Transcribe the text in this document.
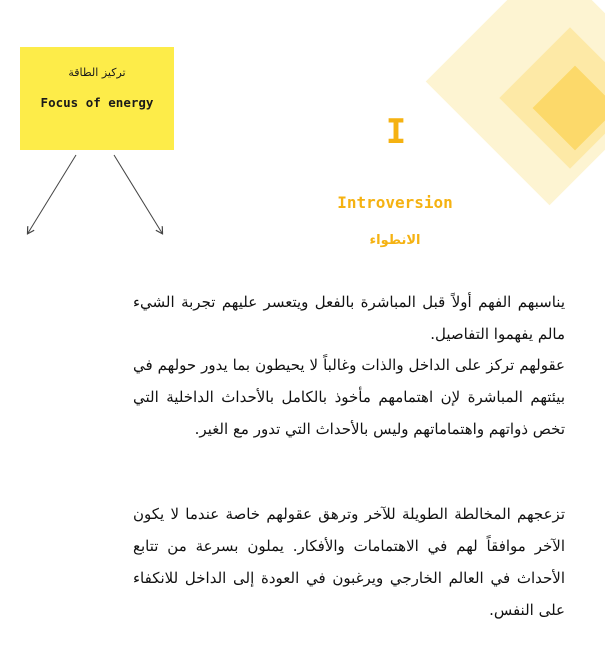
تركيز الطاقة
Focus of energy
I
Introversion
الانطواء
يناسبهم الفهم أولاً قبل المباشرة بالفعل ويتعسر عليهم تجربة الشيء مالم يفهموا التفاصيل.
عقولهم تركز على الداخل والذات وغالباً لا يحيطون بما يدور حولهم في بيئتهم المباشرة لإن اهتمامهم مأخوذ بالكامل بالأحداث الداخلية التي تخص ذواتهم واهتماماتهم وليس بالأحداث التي تدور مع الغير.
تزعجهم المخالطة الطويلة للآخر وترهق عقولهم خاصة عندما لا يكون الآخر موافقاً لهم في الاهتمامات والأفكار. يملون بسرعة من تتابع الأحداث في العالم الخارجي ويرغبون في العودة إلى الداخل للانكفاء على النفس.
